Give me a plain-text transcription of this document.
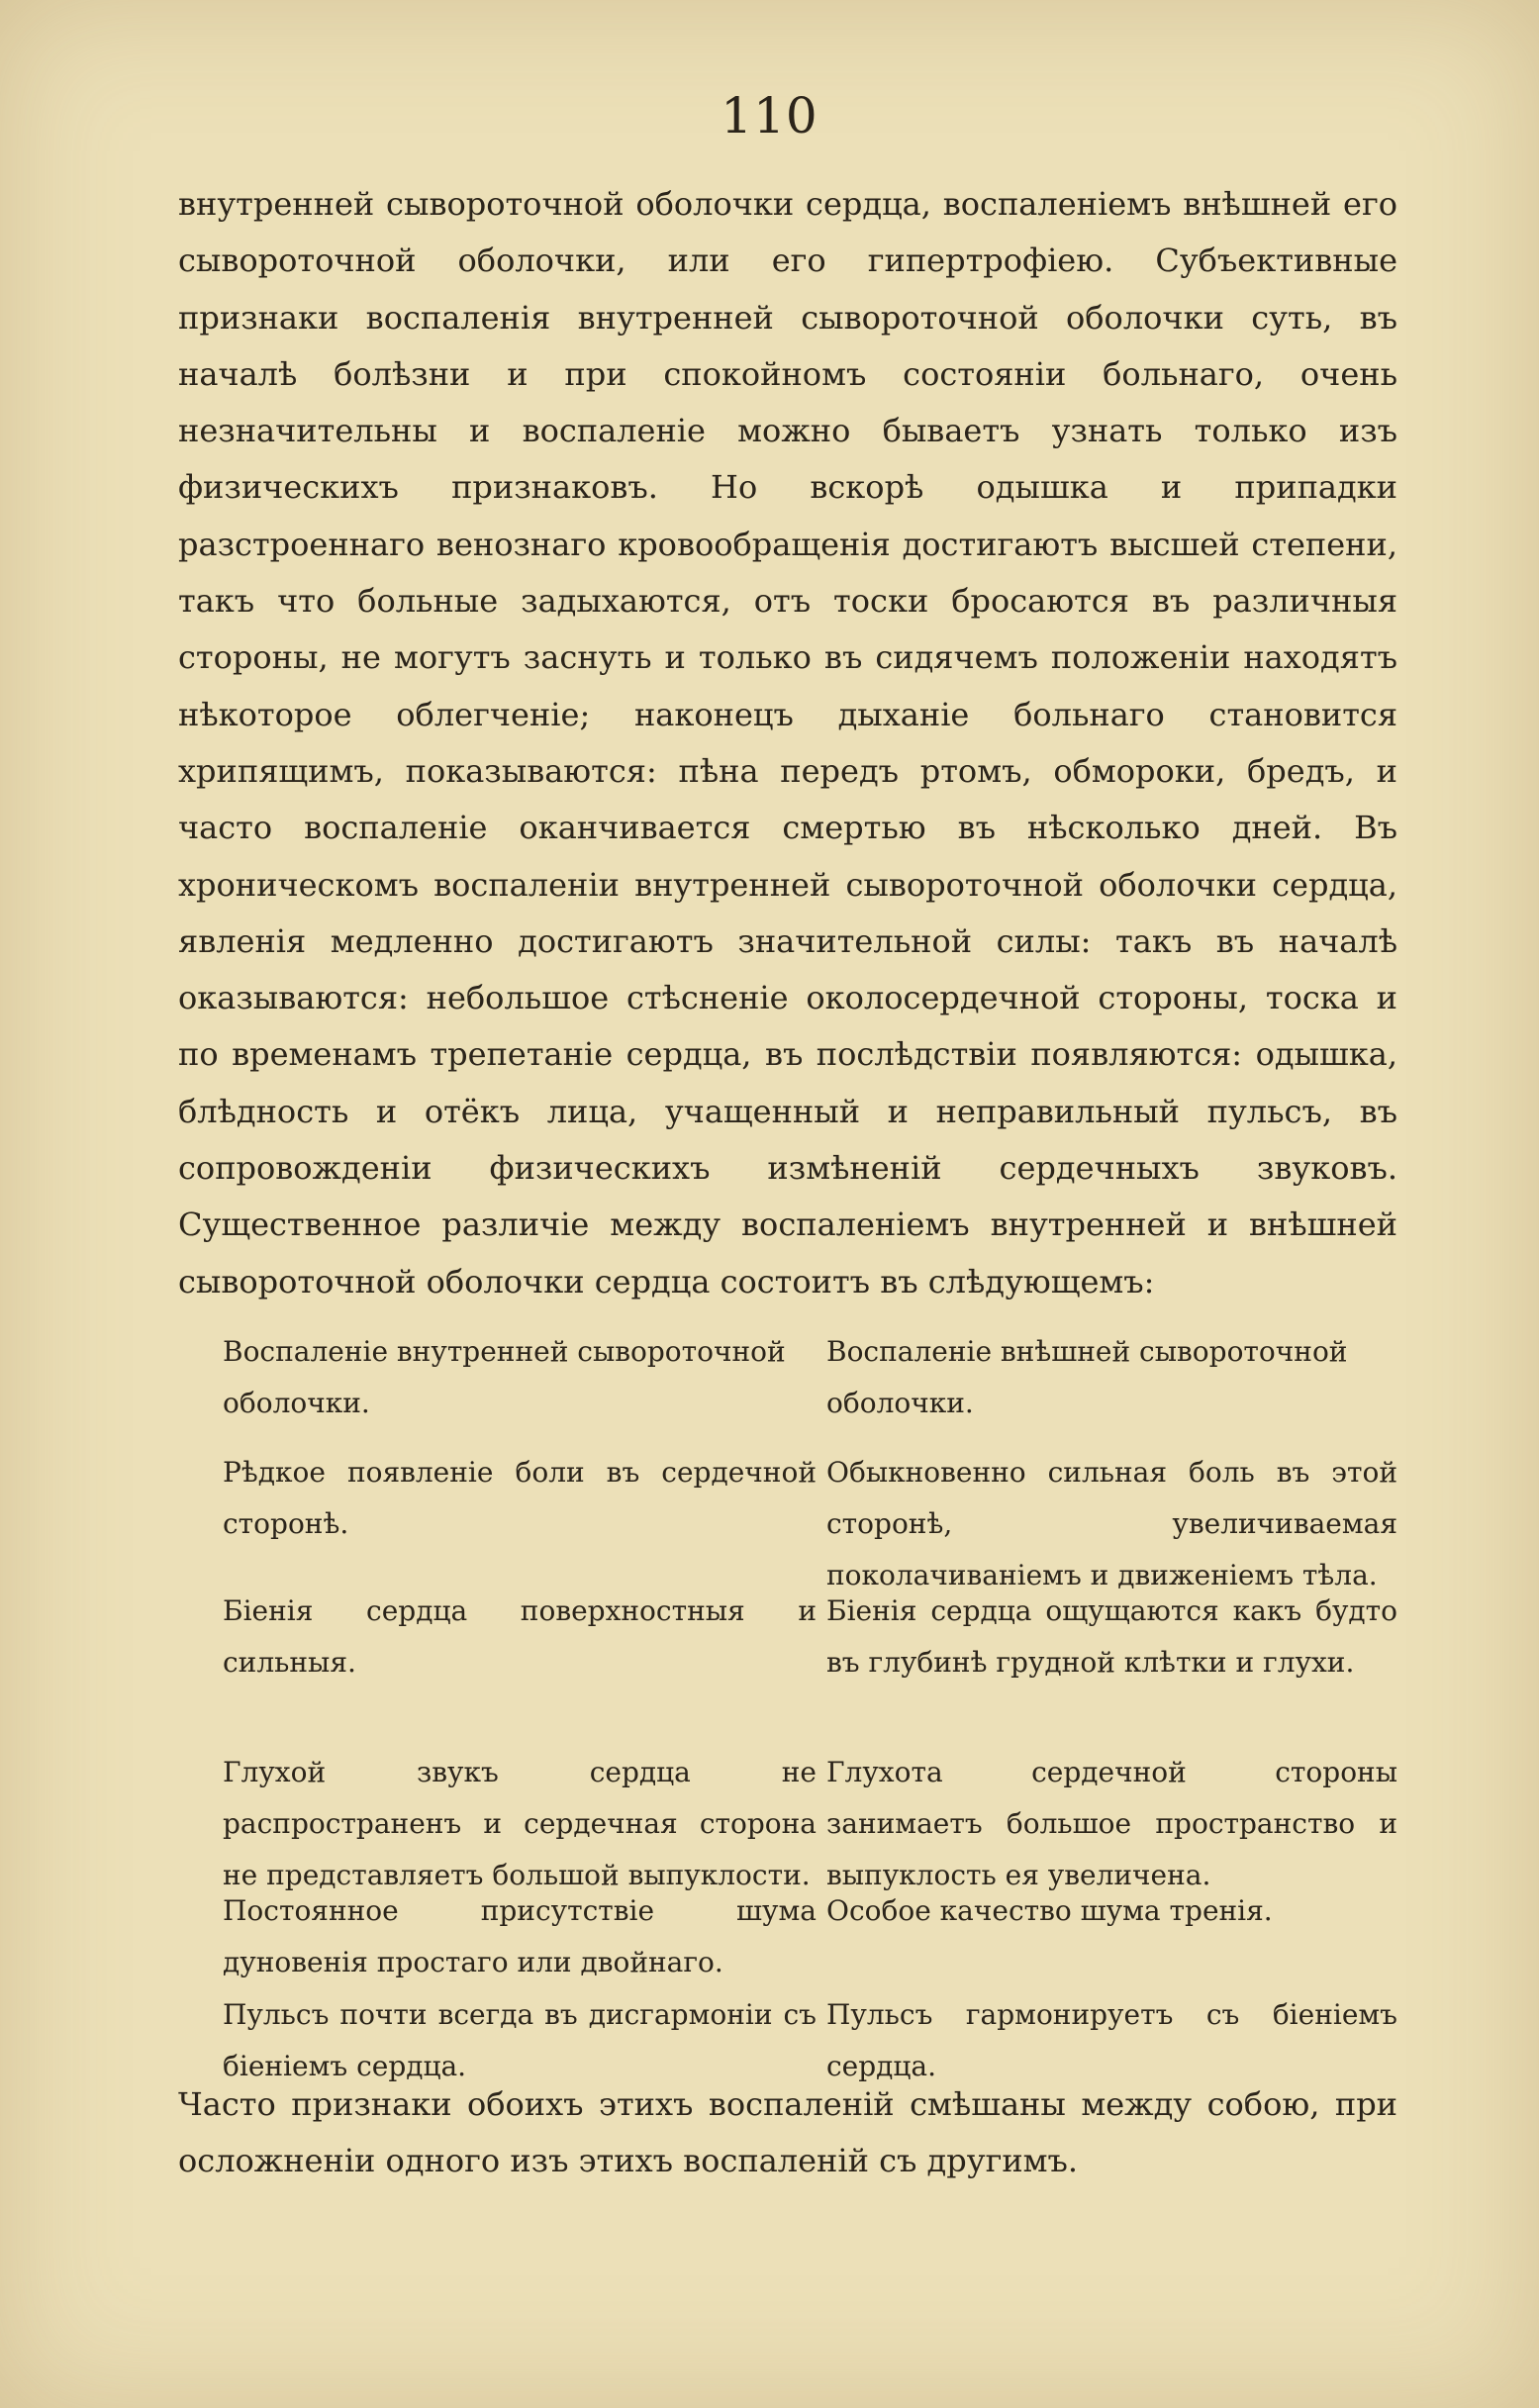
110

внутренней сывороточной оболочки сердца, воспаленіемъ внѣшней его сывороточной оболочки, или его гипертрофіею. Субъективные признаки воспаленія внутренней сывороточной оболочки суть, въ началѣ болѣзни и при спокойномъ состояніи больнаго, очень незначительны и воспаленіе можно бываетъ узнать только изъ физическихъ признаковъ. Но вскорѣ одышка и припадки разстроеннаго венознаго кровообращенія достигаютъ высшей степени, такъ что больные задыхаются, отъ тоски бросаются въ различныя стороны, не могутъ заснуть и только въ сидячемъ положеніи находятъ нѣкоторое облегченіе; наконецъ дыханіе больнаго становится хрипящимъ, показываются: пѣна передъ ртомъ, обмороки, бредъ, и часто воспаленіе оканчивается смертью въ нѣсколько дней. Въ хроническомъ воспаленіи внутренней сывороточной оболочки сердца, явленія медленно достигаютъ значительной силы: такъ въ началѣ оказываются: небольшое стѣсненіе околосердечной стороны, тоска и по временамъ трепетаніе сердца, въ послѣдствіи появляются: одышка, блѣдность и отёкъ лица, учащенный и неправильный пульсъ, въ сопровожденіи физическихъ измѣненій сердечныхъ звуковъ. Существенное различіе между воспаленіемъ внутренней и внѣшней сывороточной оболочки сердца состоитъ въ слѣдующемъ:

Воспаленіе внутренней сывороточной оболочки.
Воспаленіе внѣшней сывороточной оболочки.
Рѣдкое появленіе боли въ сердечной сторонѣ.
Обыкновенно сильная боль въ этой сторонѣ, увеличиваемая поколачиваніемъ и движеніемъ тѣла.
Біенія сердца поверхностныя и сильныя.
Біенія сердца ощущаются какъ будто въ глубинѣ грудной клѣтки и глухи.
Глухой звукъ сердца не распространенъ и сердечная сторона не представляетъ большой выпуклости.
Глухота сердечной стороны занимаетъ большое пространство и выпуклость ея увеличена.
Постоянное присутствіе шума дуновенія простаго или двойнаго.
Особое качество шума тренія.
Пульсъ почти всегда въ дисгармоніи съ біеніемъ сердца.
Пульсъ гармонируетъ съ біеніемъ сердца.

Часто признаки обоихъ этихъ воспаленій смѣшаны между собою, при осложненіи одного изъ этихъ воспаленій съ другимъ.
